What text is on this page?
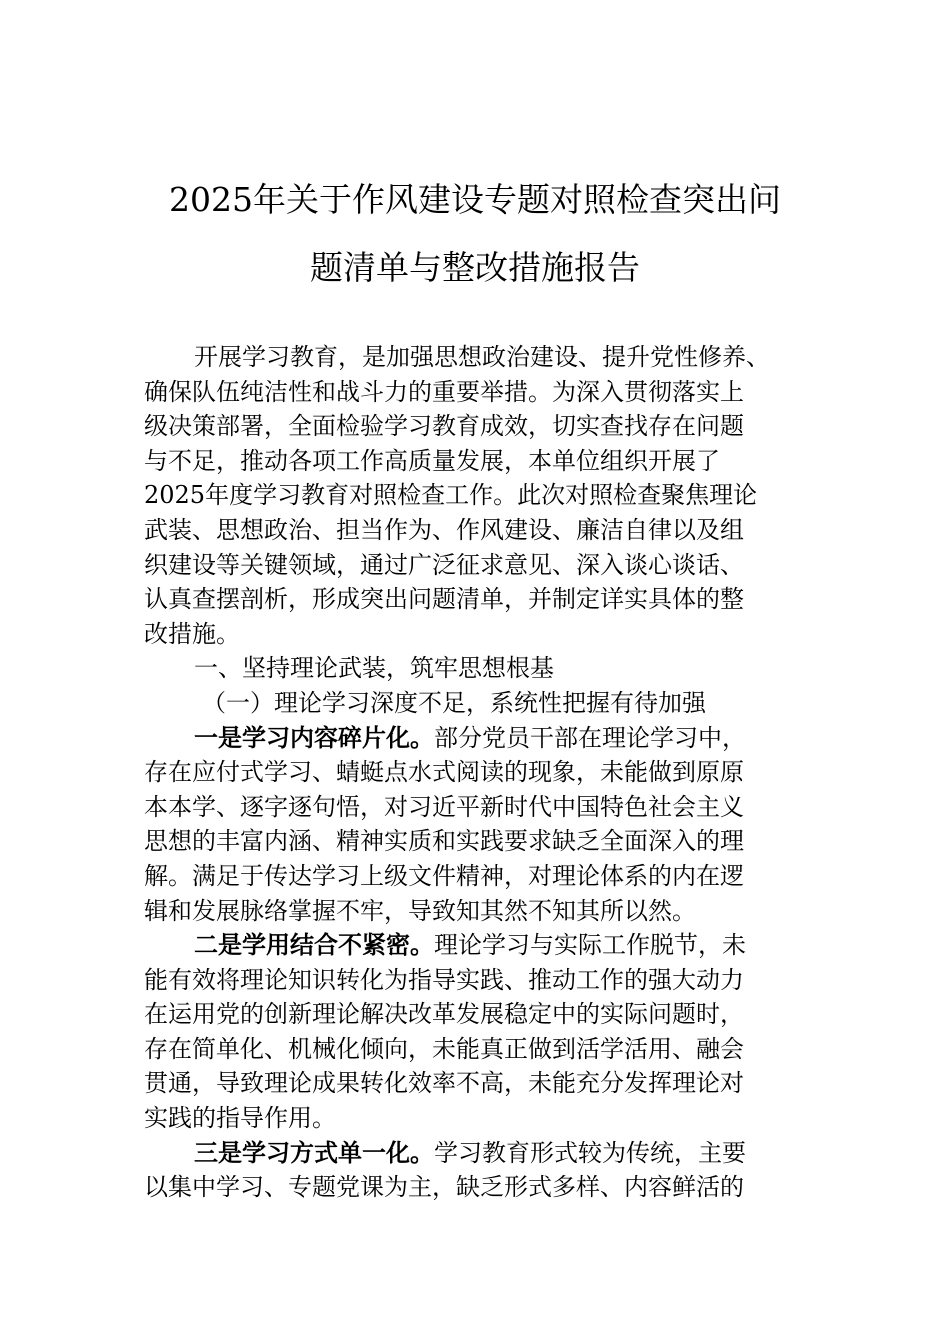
2025年关于作风建设专题对照检查突出问
题清单与整改措施报告
开展学习教育，是加强思想政治建设、提升党性修养、
确保队伍纯洁性和战斗力的重要举措。为深入贯彻落实上
级决策部署，全面检验学习教育成效，切实查找存在问题
与不足，推动各项工作高质量发展，本单位组织开展了
2025年度学习教育对照检查工作。此次对照检查聚焦理论
武装、思想政治、担当作为、作风建设、廉洁自律以及组
织建设等关键领域，通过广泛征求意见、深入谈心谈话、
认真查摆剖析，形成突出问题清单，并制定详实具体的整
改措施。
一、坚持理论武装，筑牢思想根基
（一）理论学习深度不足，系统性把握有待加强
一是学习内容碎片化。部分党员干部在理论学习中，
存在应付式学习、蜻蜓点水式阅读的现象，未能做到原原
本本学、逐字逐句悟，对习近平新时代中国特色社会主义
思想的丰富内涵、精神实质和实践要求缺乏全面深入的理
解。满足于传达学习上级文件精神，对理论体系的内在逻
辑和发展脉络掌握不牢，导致知其然不知其所以然。
二是学用结合不紧密。理论学习与实际工作脱节，未
能有效将理论知识转化为指导实践、推动工作的强大动力
在运用党的创新理论解决改革发展稳定中的实际问题时，
存在简单化、机械化倾向，未能真正做到活学活用、融会
贯通，导致理论成果转化效率不高，未能充分发挥理论对
实践的指导作用。
三是学习方式单一化。学习教育形式较为传统，主要
以集中学习、专题党课为主，缺乏形式多样、内容鲜活的
